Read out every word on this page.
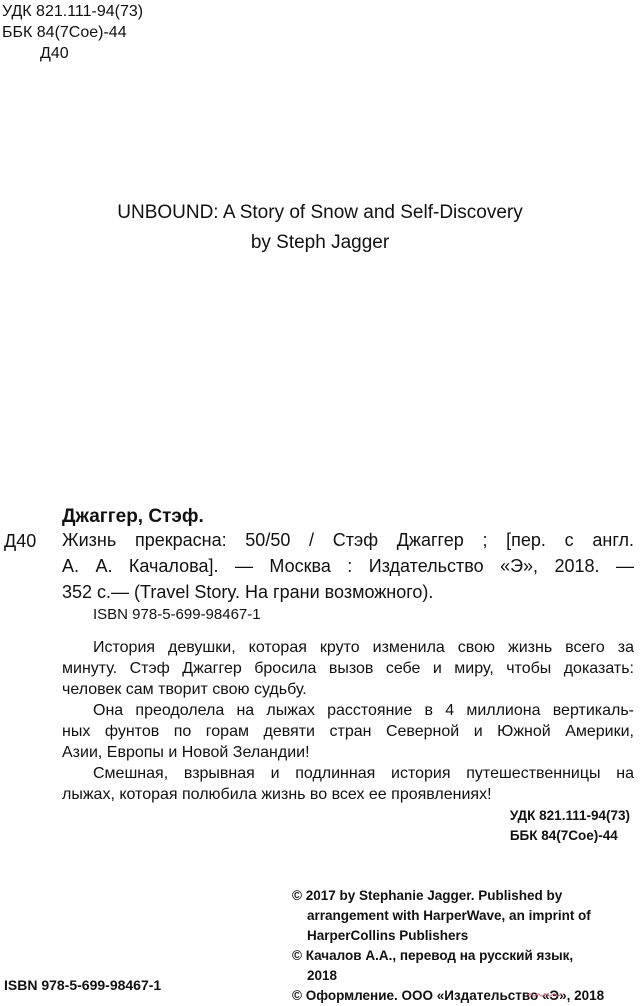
УДК 821.111-94(73)
ББК 84(7Сое)-44
Д40
UNBOUND: A Story of Snow and Self-Discovery
by Steph Jagger
Джаггер, Стэф.
Д40 Жизнь прекрасна: 50/50 / Стэф Джаггер ; [пер. с англ.
А. А. Качалова]. — Москва : Издательство «Э», 2018. —
352 с.— (Travel Story. На грани возможного).
ISBN 978-5-699-98467-1
История девушки, которая круто изменила свою жизнь всего за
минуту. Стэф Джаггер бросила вызов себе и миру, чтобы доказать:
человек сам творит свою судьбу.
Она преодолела на лыжах расстояние в 4 миллиона вертикаль-
ных фунтов по горам девяти стран Северной и Южной Америки,
Азии, Европы и Новой Зеландии!
Смешная, взрывная и подлинная история путешественницы на
лыжах, которая полюбила жизнь во всех ее проявлениях!
УДК 821.111-94(73)
ББК 84(7Сое)-44
© 2017 by Stephanie Jagger. Published by
arrangement with HarperWave, an imprint of
HarperCollins Publishers
© Качалов А.А., перевод на русский язык,
2018
© Оформление. ООО «Издательство «Э», 2018
ISBN 978-5-699-98467-1
